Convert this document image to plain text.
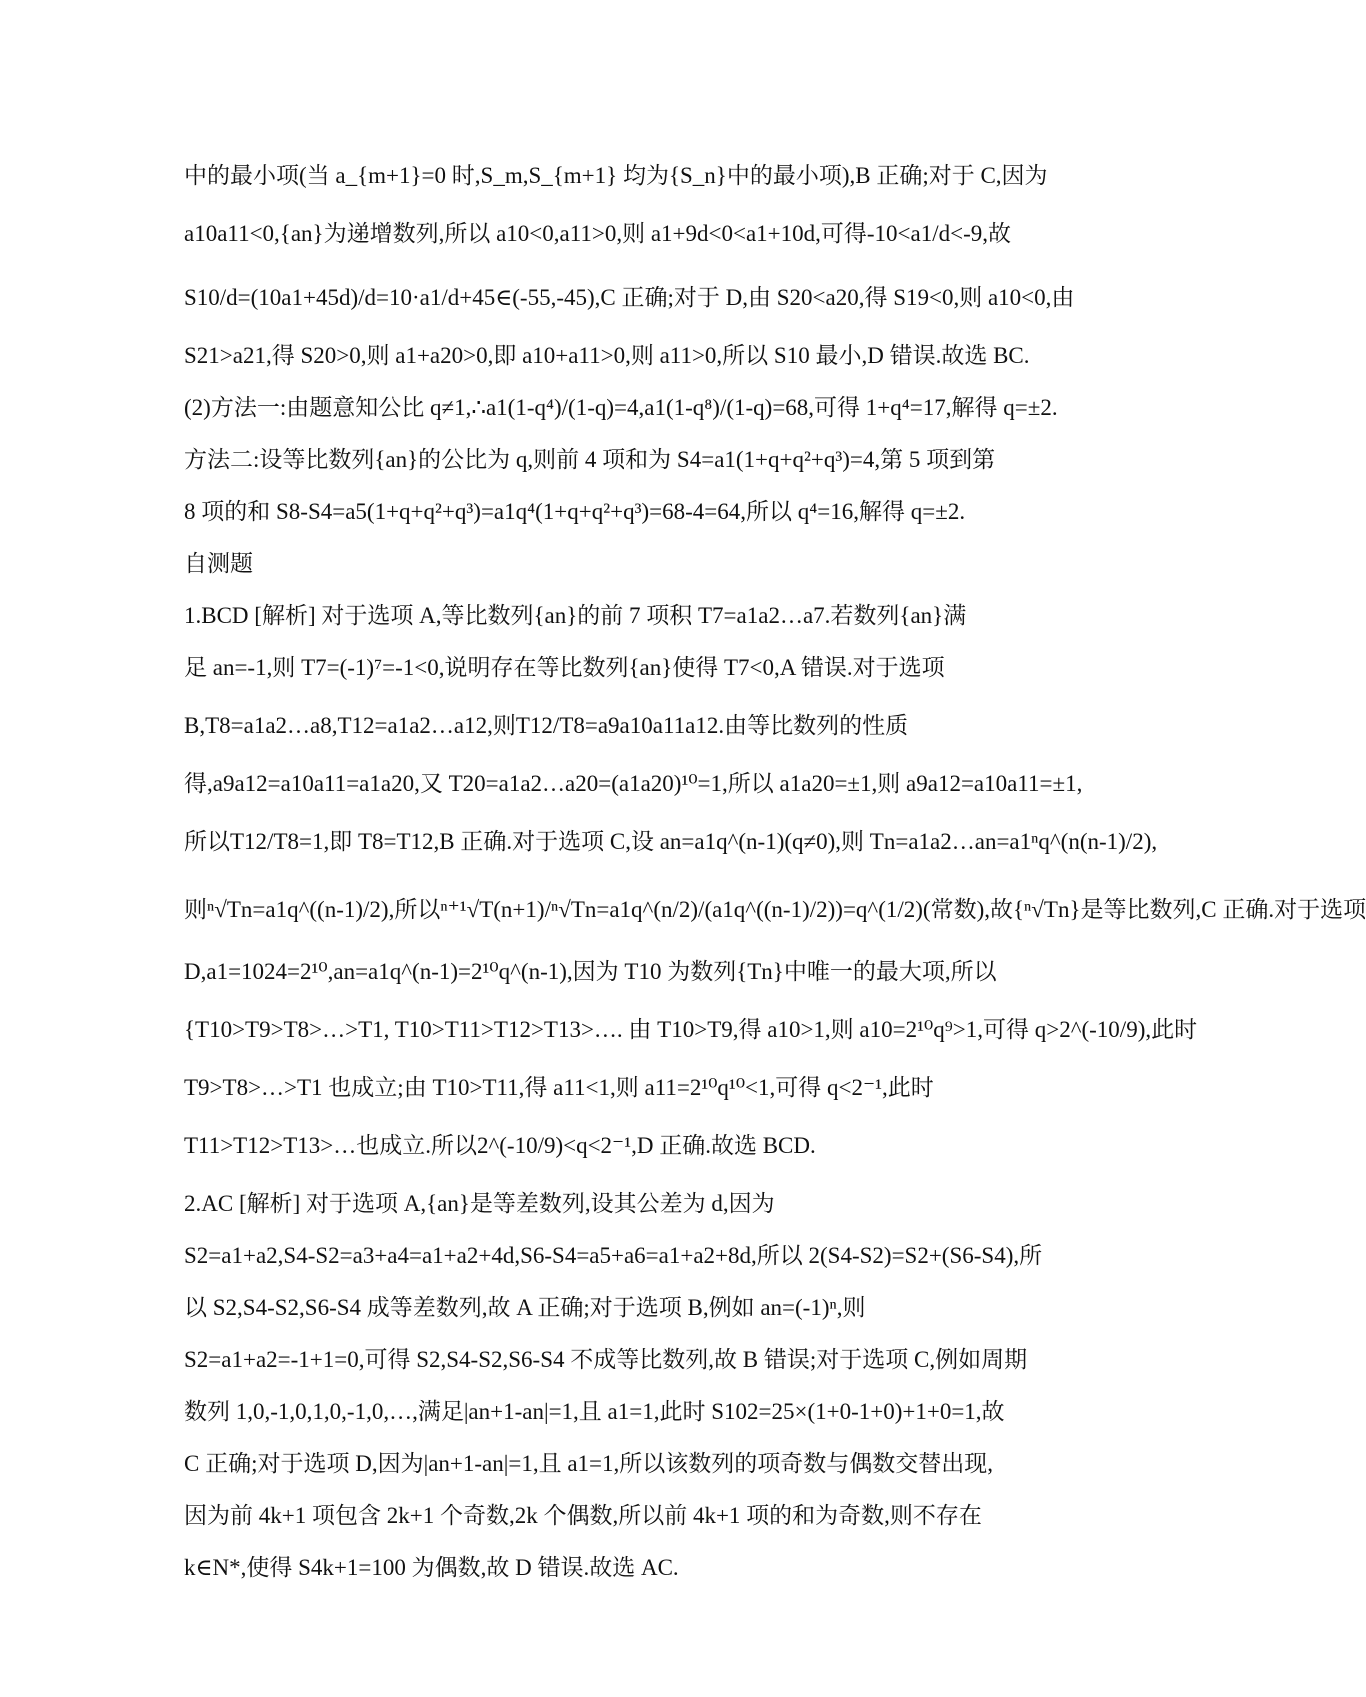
中的最小项(当 a_{m+1}=0 时,S_m,S_{m+1} 均为{S_n}中的最小项),B 正确;对于 C,因为
a10a11<0,{an}为递增数列,所以 a10<0,a11>0,则 a1+9d<0<a1+10d,可得-10<a1/d<-9,故
S10/d=(10a1+45d)/d=10·a1/d+45∈(-55,-45),C 正确;对于 D,由 S20<a20,得 S19<0,则 a10<0,由
S21>a21,得 S20>0,则 a1+a20>0,即 a10+a11>0,则 a11>0,所以 S10 最小,D 错误.故选 BC.
(2)方法一:由题意知公比 q≠1,∴a1(1-q⁴)/(1-q)=4,a1(1-q⁸)/(1-q)=68,可得 1+q⁴=17,解得 q=±2.
方法二:设等比数列{an}的公比为 q,则前 4 项和为 S4=a1(1+q+q²+q³)=4,第 5 项到第
8 项的和 S8-S4=a5(1+q+q²+q³)=a1q⁴(1+q+q²+q³)=68-4=64,所以 q⁴=16,解得 q=±2.
自测题
1.BCD [解析] 对于选项 A,等比数列{an}的前 7 项积 T7=a1a2…a7.若数列{an}满
足 an=-1,则 T7=(-1)⁷=-1<0,说明存在等比数列{an}使得 T7<0,A 错误.对于选项
B,T8=a1a2…a8,T12=a1a2…a12,则T12/T8=a9a10a11a12.由等比数列的性质
得,a9a12=a10a11=a1a20,又 T20=a1a2…a20=(a1a20)¹⁰=1,所以 a1a20=±1,则 a9a12=a10a11=±1,
所以T12/T8=1,即 T8=T12,B 正确.对于选项 C,设 an=a1q^(n-1)(q≠0),则 Tn=a1a2…an=a1ⁿq^(n(n-1)/2),
则ⁿ√Tn=a1q^((n-1)/2),所以ⁿ⁺¹√T(n+1)/ⁿ√Tn=a1q^(n/2)/(a1q^((n-1)/2))=q^(1/2)(常数),故{ⁿ√Tn}是等比数列,C 正确.对于选项
D,a1=1024=2¹⁰,an=a1q^(n-1)=2¹⁰q^(n-1),因为 T10 为数列{Tn}中唯一的最大项,所以
{T10>T9>T8>…>T1, T10>T11>T12>T13>…. 由 T10>T9,得 a10>1,则 a10=2¹⁰q⁹>1,可得 q>2^(-10/9),此时
T9>T8>…>T1 也成立;由 T10>T11,得 a11<1,则 a11=2¹⁰q¹⁰<1,可得 q<2⁻¹,此时
T11>T12>T13>…也成立.所以2^(-10/9)<q<2⁻¹,D 正确.故选 BCD.
2.AC [解析] 对于选项 A,{an}是等差数列,设其公差为 d,因为
S2=a1+a2,S4-S2=a3+a4=a1+a2+4d,S6-S4=a5+a6=a1+a2+8d,所以 2(S4-S2)=S2+(S6-S4),所
以 S2,S4-S2,S6-S4 成等差数列,故 A 正确;对于选项 B,例如 an=(-1)ⁿ,则
S2=a1+a2=-1+1=0,可得 S2,S4-S2,S6-S4 不成等比数列,故 B 错误;对于选项 C,例如周期
数列 1,0,-1,0,1,0,-1,0,…,满足|an+1-an|=1,且 a1=1,此时 S102=25×(1+0-1+0)+1+0=1,故
C 正确;对于选项 D,因为|an+1-an|=1,且 a1=1,所以该数列的项奇数与偶数交替出现,
因为前 4k+1 项包含 2k+1 个奇数,2k 个偶数,所以前 4k+1 项的和为奇数,则不存在
k∈N*,使得 S4k+1=100 为偶数,故 D 错误.故选 AC.
